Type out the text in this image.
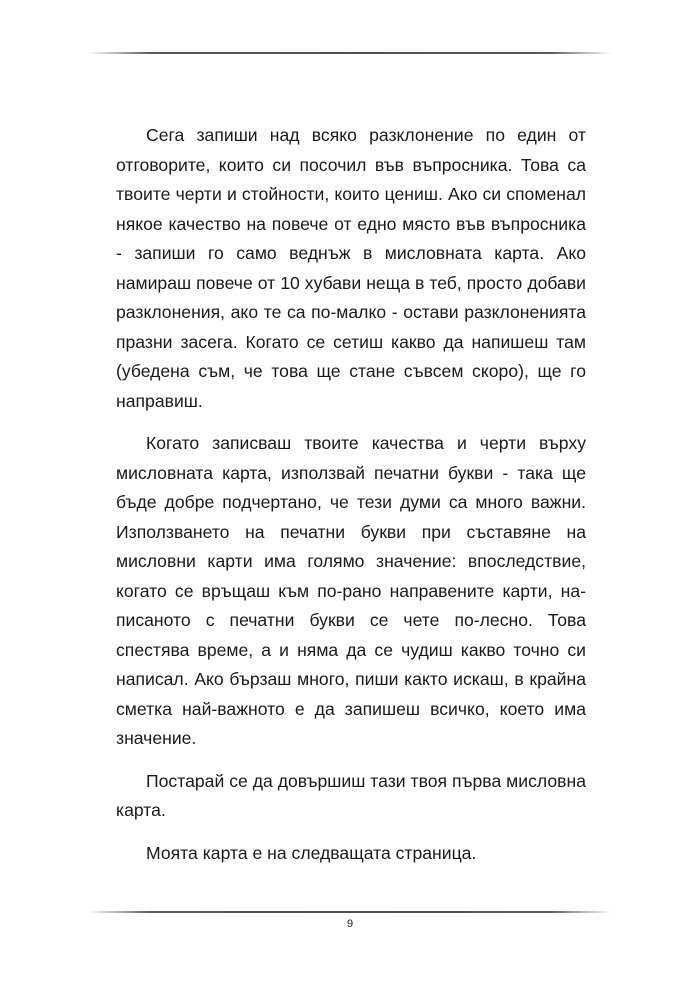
Сега запиши над всяко разклонение по един от отговорите, които си посочил във въпросника. Това са твоите черти и стойности, които цениш. Ако си споменал някое качество на повече от едно място във въпросника - запиши го само веднъж в мисловната карта. Ако намираш повече от 10 хубави неща в теб, просто добави разклонения, ако те са по-малко - остави разклоненията празни засега. Когато се сетиш какво да напишеш там (убедена съм, че това ще стане съвсем скоро), ще го направиш.

Когато записваш твоите качества и черти върху мисловната карта, използвай печатни букви - така ще бъде добре подчертано, че тези думи са много важни. Използването на печатни букви при съставяне на мисловни карти има голямо значение: впоследствие, когато се връщаш към по-рано направените карти, написаното с печатни букви се чете по-лесно. Това спестява време, а и няма да се чудиш какво точно си написал. Ако бързаш много, пиши както искаш, в крайна сметка най-важното е да запишеш всичко, което има значение.

Постарай се да довършиш тази твоя първа мисловна карта.

Моята карта е на следващата страница.

9
